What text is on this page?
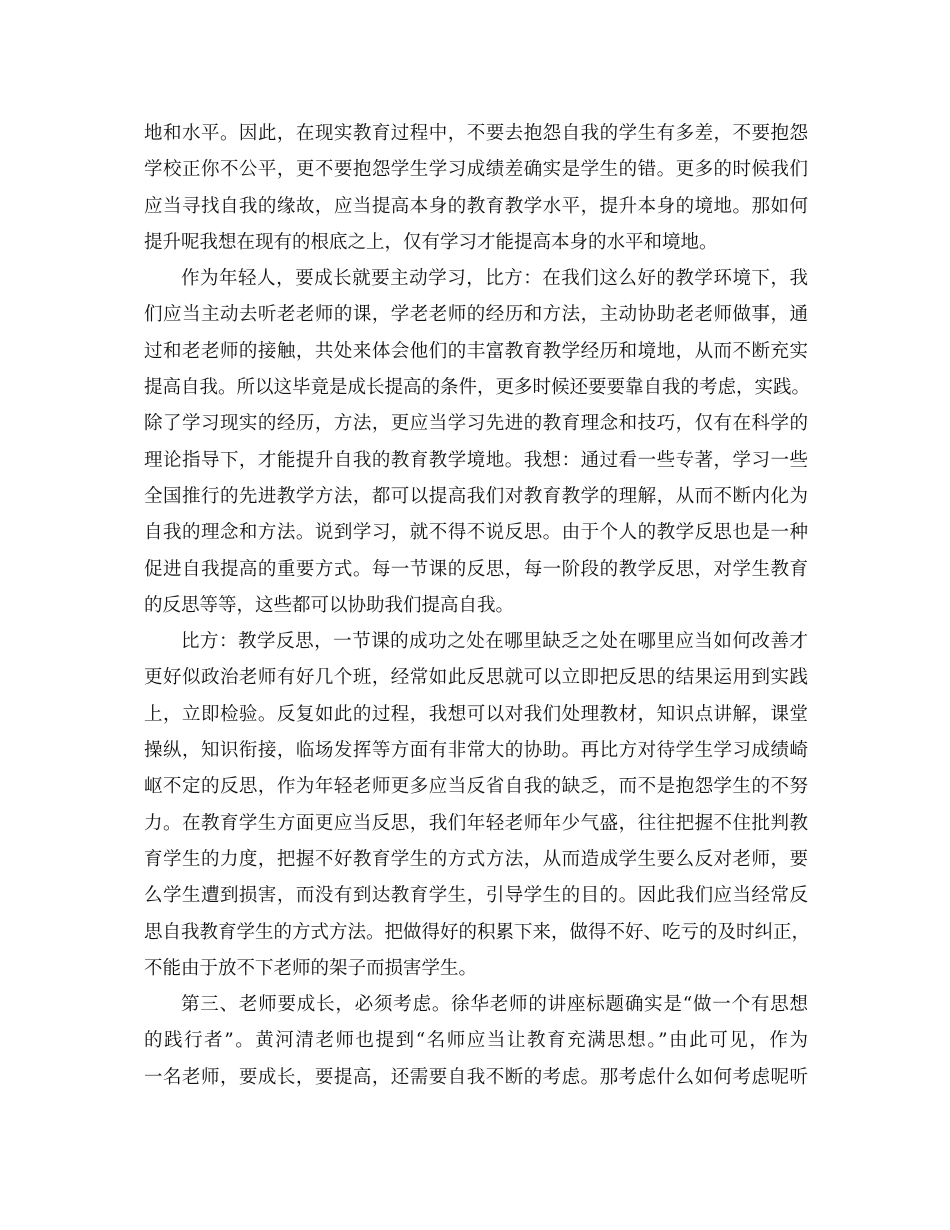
地和水平。因此，在现实教育过程中，不要去抱怨自我的学生有多差，不要抱怨
学校正你不公平，更不要抱怨学生学习成绩差确实是学生的错。更多的时候我们
应当寻找自我的缘故，应当提高本身的教育教学水平，提升本身的境地。那如何
提升呢我想在现有的根底之上，仅有学习才能提高本身的水平和境地。
作为年轻人，要成长就要主动学习，比方：在我们这么好的教学环境下，我
们应当主动去听老老师的课，学老老师的经历和方法，主动协助老老师做事，通
过和老老师的接触，共处来体会他们的丰富教育教学经历和境地，从而不断充实
提高自我。所以这毕竟是成长提高的条件，更多时候还要要靠自我的考虑，实践。
除了学习现实的经历，方法，更应当学习先进的教育理念和技巧，仅有在科学的
理论指导下，才能提升自我的教育教学境地。我想：通过看一些专著，学习一些
全国推行的先进教学方法，都可以提高我们对教育教学的理解，从而不断内化为
自我的理念和方法。说到学习，就不得不说反思。由于个人的教学反思也是一种
促进自我提高的重要方式。每一节课的反思，每一阶段的教学反思，对学生教育
的反思等等，这些都可以协助我们提高自我。
比方：教学反思，一节课的成功之处在哪里缺乏之处在哪里应当如何改善才
更好似政治老师有好几个班，经常如此反思就可以立即把反思的结果运用到实践
上，立即检验。反复如此的过程，我想可以对我们处理教材，知识点讲解，课堂
操纵，知识衔接，临场发挥等方面有非常大的协助。再比方对待学生学习成绩崎
岖不定的反思，作为年轻老师更多应当反省自我的缺乏，而不是抱怨学生的不努
力。在教育学生方面更应当反思，我们年轻老师年少气盛，往往把握不住批判教
育学生的力度，把握不好教育学生的方式方法，从而造成学生要么反对老师，要
么学生遭到损害，而没有到达教育学生，引导学生的目的。因此我们应当经常反
思自我教育学生的方式方法。把做得好的积累下来，做得不好、吃亏的及时纠正，
不能由于放不下老师的架子而损害学生。
第三、老师要成长，必须考虑。徐华老师的讲座标题确实是“做一个有思想
的践行者”。黄河清老师也提到“名师应当让教育充满思想。”由此可见，作为
一名老师，要成长，要提高，还需要自我不断的考虑。那考虑什么如何考虑呢听
